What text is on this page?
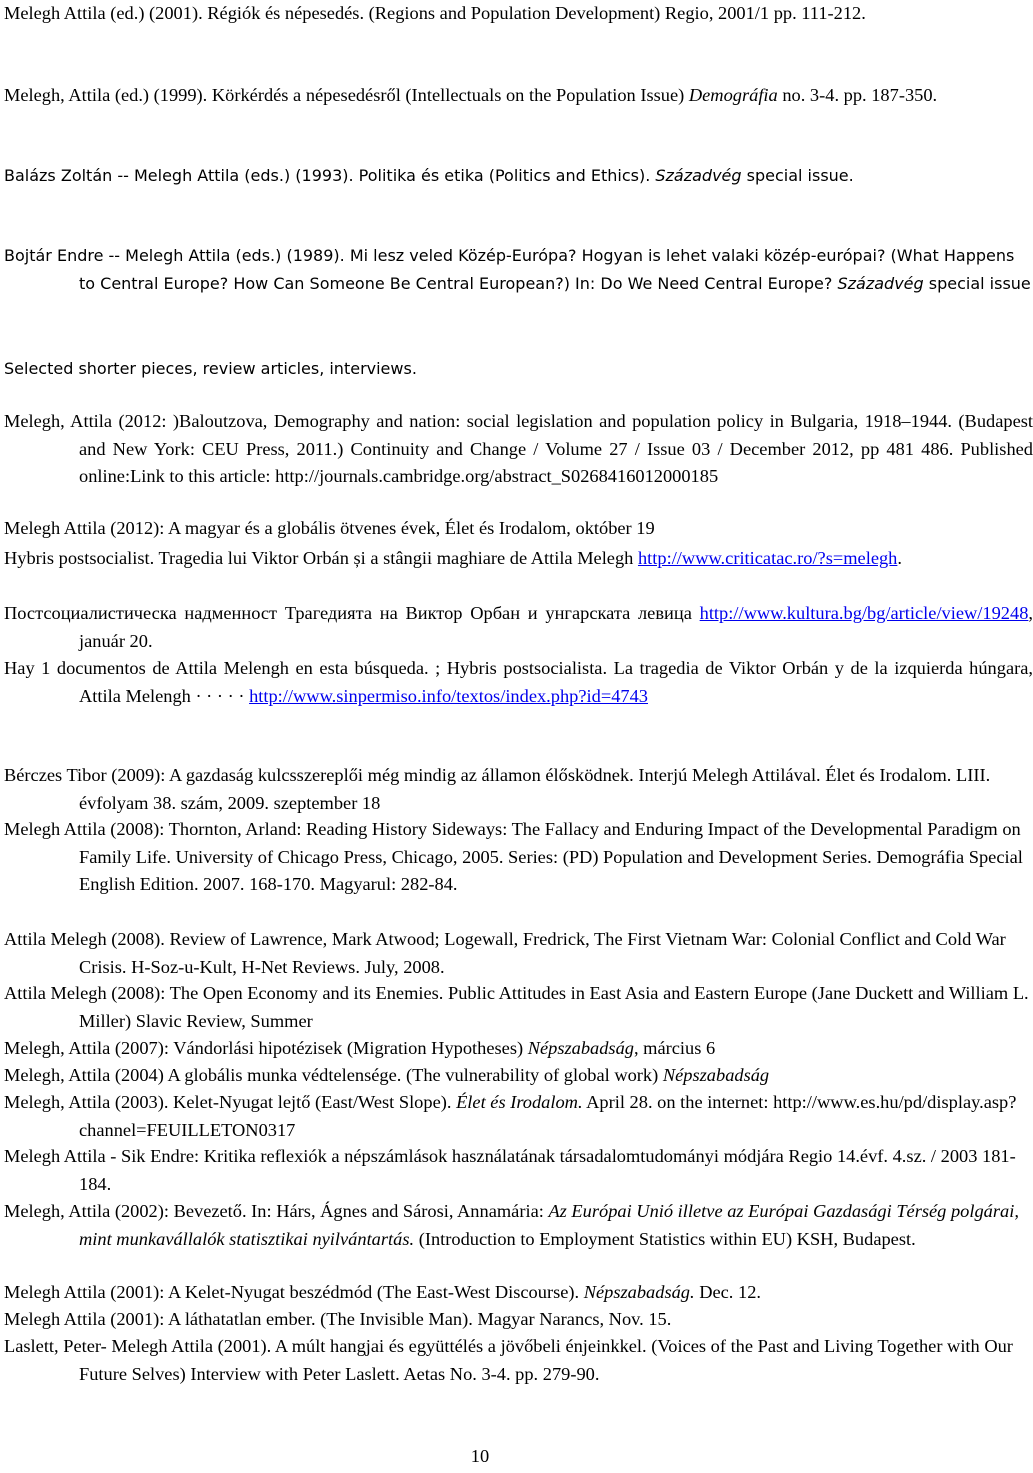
Melegh Attila (ed.) (2001). Régiók és népesedés. (Regions and Population Development) Regio, 2001/1 pp. 111-212.

Melegh, Attila (ed.) (1999). Körkérdés a népesedésről (Intellectuals on the Population Issue) Demográfia no. 3-4. pp. 187-350.

Balázs Zoltán -- Melegh Attila (eds.) (1993). Politika és etika (Politics and Ethics). Századvég special issue.

Bojtár Endre -- Melegh Attila (eds.) (1989). Mi lesz veled Közép-Európa? Hogyan is lehet valaki közép-európai? (What Happens to Central Europe? How Can Someone Be Central European?) In: Do We Need Central Europe? Századvég special issue

Selected shorter pieces, review articles, interviews.

Melegh, Attila (2012: )Baloutzova, Demography and nation: social legislation and population policy in Bulgaria, 1918–1944. (Budapest and New York: CEU Press, 2011.) Continuity and Change / Volume 27 / Issue 03 / December 2012, pp 481 486. Published online:Link to this article: http://journals.cambridge.org/abstract_S0268416012000185

Melegh Attila (2012): A magyar és a globális ötvenes évek, Élet és Irodalom, október 19

Hybris postsocialist. Tragedia lui Viktor Orbán și a stângii maghiare de Attila Melegh http://www.criticatac.ro/?s=melegh.

Постсоциалистическа надменност Трагедията на Виктор Орбан и унгарската левица http://www.kultura.bg/bg/article/view/19248, január 20.

Hay 1 documentos de Attila Melengh en esta búsqueda. ; Hybris postsocialista. La tragedia de Viktor Orbán y de la izquierda húngara, Attila Melengh · · · · · http://www.sinpermiso.info/textos/index.php?id=4743

Bérczes Tibor (2009): A gazdaság kulcsszereplői még mindig az államon élősködnek. Interjú Melegh Attilával. Élet és Irodalom. LIII. évfolyam 38. szám, 2009. szeptember 18

Melegh Attila (2008): Thornton, Arland: Reading History Sideways: The Fallacy and Enduring Impact of the Developmental Paradigm on Family Life. University of Chicago Press, Chicago, 2005. Series: (PD) Population and Development Series. Demográfia Special English Edition. 2007. 168-170. Magyarul: 282-84.

Attila Melegh (2008). Review of Lawrence, Mark Atwood; Logewall, Fredrick, The First Vietnam War: Colonial Conflict and Cold War Crisis. H-Soz-u-Kult, H-Net Reviews. July, 2008.

Attila Melegh (2008): The Open Economy and its Enemies. Public Attitudes in East Asia and Eastern Europe (Jane Duckett and William L. Miller) Slavic Review, Summer

Melegh, Attila (2007): Vándorlási hipotézisek (Migration Hypotheses) Népszabadság, március 6

Melegh, Attila (2004) A globális munka védtelensége. (The vulnerability of global work) Népszabadság

Melegh, Attila (2003). Kelet-Nyugat lejtő (East/West Slope). Élet és Irodalom. April 28. on the internet: http://www.es.hu/pd/display.asp?channel=FEUILLETON0317

Melegh Attila - Sik Endre: Kritika reflexiók a népszámlások használatának társadalomtudományi módjára Regio 14.évf. 4.sz. / 2003 181-184.

Melegh, Attila (2002): Bevezető. In: Hárs, Ágnes and Sárosi, Annamária: Az Európai Unió illetve az Európai Gazdasági Térség polgárai, mint munkavállalók statisztikai nyilvántartás. (Introduction to Employment Statistics within EU) KSH, Budapest.

Melegh Attila (2001): A Kelet-Nyugat beszédmód (The East-West Discourse). Népszabadság. Dec. 12.

Melegh Attila (2001): A láthatatlan ember. (The Invisible Man). Magyar Narancs, Nov. 15.

Laslett, Peter- Melegh Attila (2001). A múlt hangjai és együttélés a jövőbeli énjeinkkel. (Voices of the Past and Living Together with Our Future Selves) Interview with Peter Laslett. Aetas No. 3-4. pp. 279-90.

10
